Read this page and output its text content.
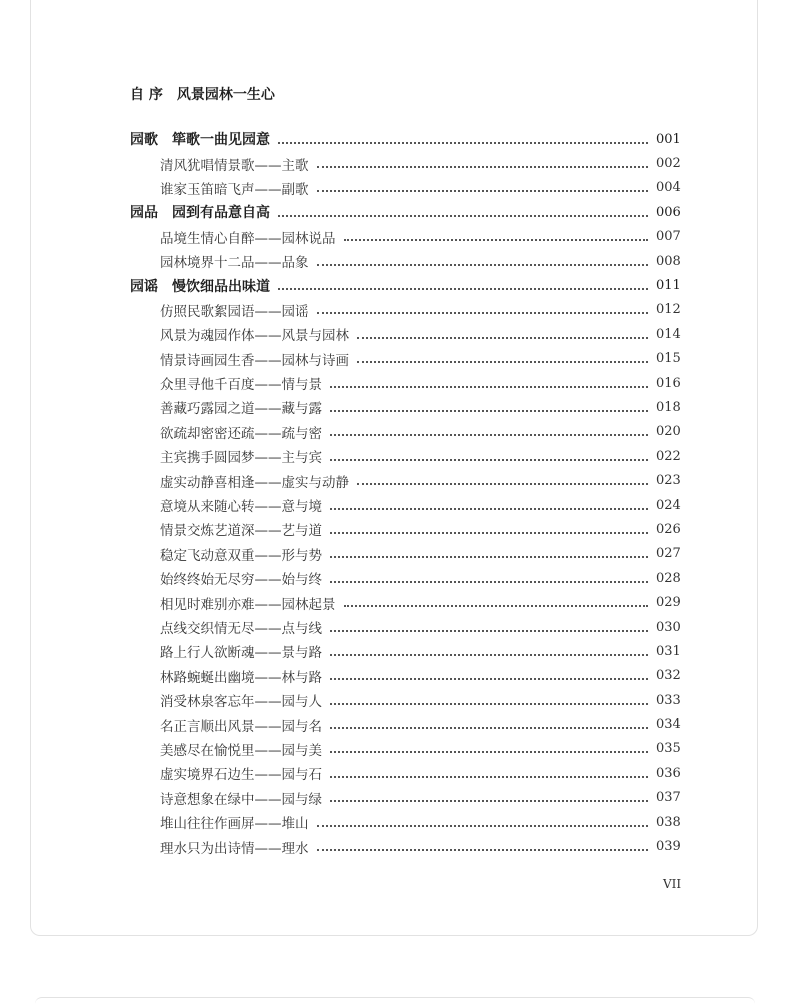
自 序　风景园林一生心
园歌　筚歌一曲见园意	001
清风犹唱情景歌——主歌	002
谁家玉笛暗飞声——副歌	004
园品　园到有品意自高	006
品境生情心自醉——园林说品	007
园林境界十二品——品象	008
园谣　慢饮细品出味道	011
仿照民歌絮园语——园谣	012
风景为魂园作体——风景与园林	014
情景诗画园生香——园林与诗画	015
众里寻他千百度——情与景	016
善藏巧露园之道——藏与露	018
欲疏却密密还疏——疏与密	020
主宾携手圆园梦——主与宾	022
虚实动静喜相逢——虚实与动静	023
意境从来随心转——意与境	024
情景交炼艺道深——艺与道	026
稳定飞动意双重——形与势	027
始终终始无尽穷——始与终	028
相见时难别亦难——园林起景	029
点线交织情无尽——点与线	030
路上行人欲断魂——景与路	031
林路蜿蜒出幽境——林与路	032
消受林泉客忘年——园与人	033
名正言顺出风景——园与名	034
美感尽在愉悦里——园与美	035
虚实境界石边生——园与石	036
诗意想象在绿中——园与绿	037
堆山往往作画屏——堆山	038
理水只为出诗情——理水	039
VII
